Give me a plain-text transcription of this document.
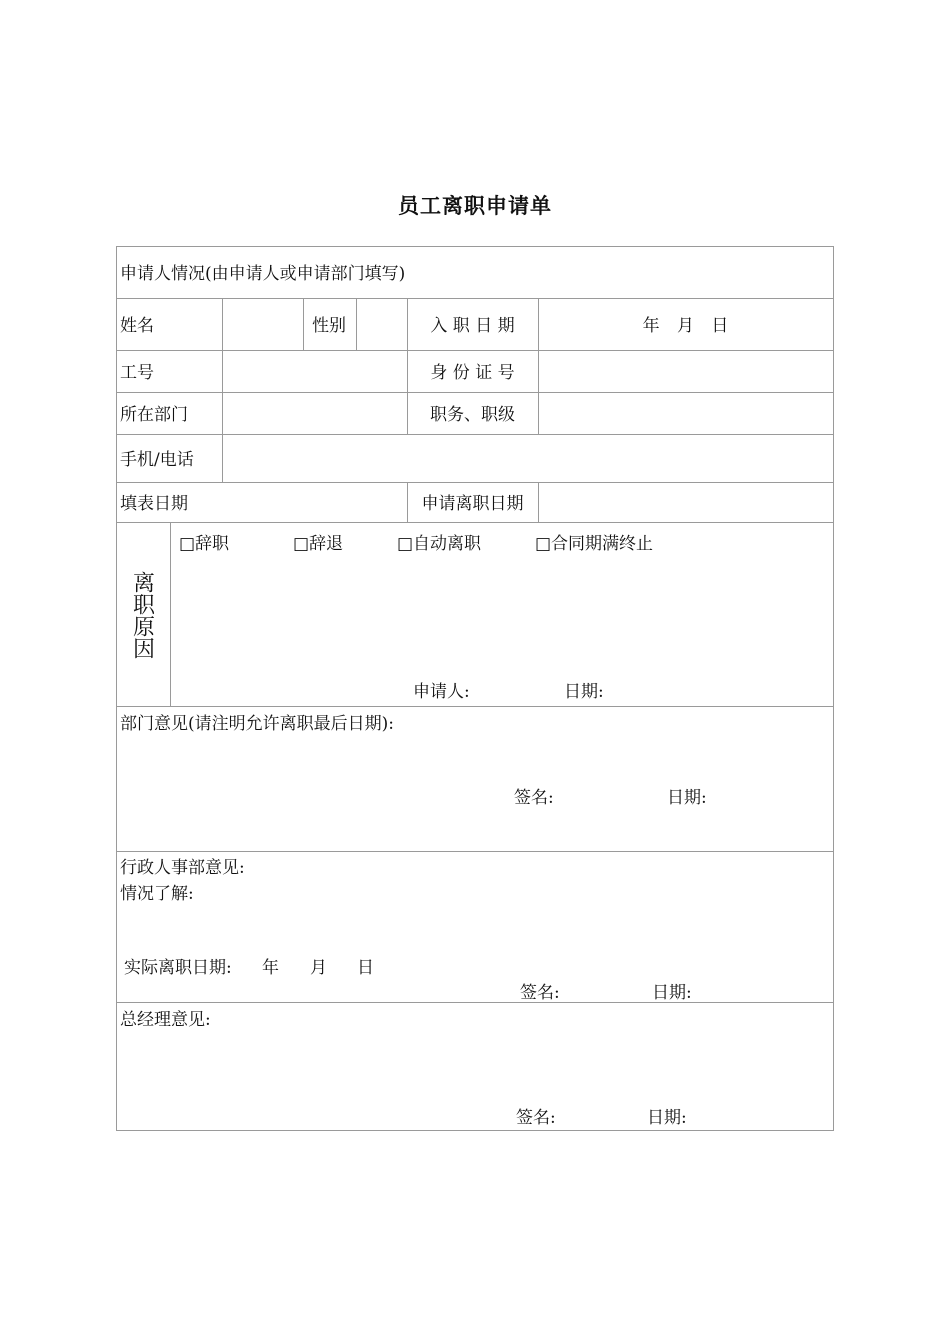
员工离职申请单
申请人情况(由申请人或申请部门填写)
姓名	性别	入 职 日 期	年 月 日
工号	身 份 证 号
所在部门	职务、职级
手机/电话
填表日期	申请离职日期
离职原因
□辞职	□辞退	□自动离职	□合同期满终止
申请人:	日期:
部门意见(请注明允许离职最后日期):
签名:	日期:
行政人事部意见:
情况了解:
实际离职日期: 年 月 日
签名:	日期:
总经理意见:
签名:	日期:
